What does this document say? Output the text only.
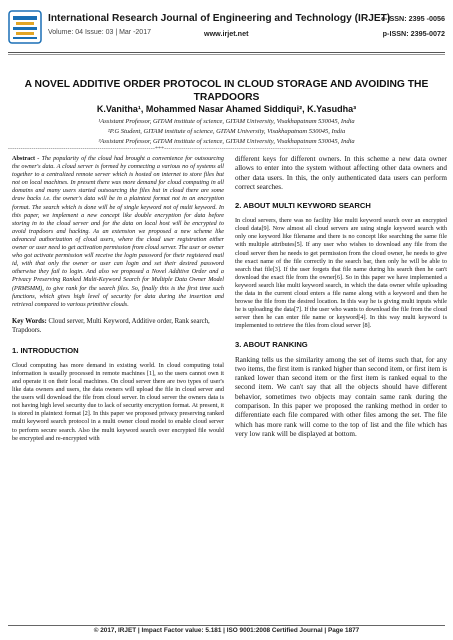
International Research Journal of Engineering and Technology (IRJET)
Volume: 04 Issue: 03 | Mar -2017	www.irjet.net
e-ISSN: 2395 -0056
p-ISSN: 2395-0072
A NOVEL ADDITIVE ORDER PROTOCOL IN CLOUD STORAGE AND AVOIDING THE TRAPDOORS
K.Vanitha¹, Mohammed Nasar Ahamed Siddiqui², K.Yasudha³
¹Assistant Professor, GITAM institute of science, GITAM University, Visakhapatnam 530045, India
²P.G Student, GITAM institute of science, GITAM University, Visakhapatnam 530045, India
³Assistant Professor, GITAM institute of science, GITAM University, Visakhapatnam 530045, India
---------------------------------------------------------------------***---------------------------------------------------------------------

Abstract - The popularity of the cloud had brought a convenience for outsourcing the owner's data. A cloud server is formed by connecting a various no of systems all together to a centralized remote server which is hosted on internet to store files but not on local machines. In present there was more demand for cloud computing in all domains and many users started outsourcing the files but in cloud there are some draw backs i.e. the owner's data will be in a plaintext format not in an encryption format. The search which is done will be of single keyword not of multi keyword. In this paper, we implement a new concept like double encryption for data before storing in to the cloud server and for the data on local host will be encrypted to avoid trapdoors and hacking. As an extension we proposed a new scheme like advanced authorization of cloud users, where the cloud user registration either owner or user need to get activation permission from cloud server. The user or owner who got activate permission will receive the login password for their registered mail id, with that only the owner or user can login and set their desired password otherwise they fail to login. And also we proposed a Novel Additive Order and a Privacy Preserving Ranked Multi-Keyword Search for Multiple Data Owner Model (PRMSMM), to give rank for the search files. So, finally this is the first time such functions, which gives high level of security for data during the insertion and retrieval compared to various primitive clouds.

Key Words: Cloud server, Multi Keyword, Additive order, Rank search, Trapdoors.

1. INTRODUCTION

Cloud computing has more demand in existing world. In cloud computing total information is usually processed in remote machines [1], so the users cannot own it and operate it on their local machines. On cloud server there are two types of user's like data owners and users, the data owners will upload the file in cloud server and the users will download the file from cloud server. In cloud server the owners data is not having high level security due to lack of security encryption format. At present, it is stored in plaintext format [2]. In this paper we proposed privacy preserving ranked multi keyword search protocol in a multi owner cloud model to enable cloud server to perform secure search. Also the multi keyword search over encrypted file would be encrypted and re-encrypted with

different keys for different owners. In this scheme a new data owner allows to enter into the system without affecting other data owners and other data users. In this, the only authenticated data users can perform correct searches.

2. ABOUT MULTI KEYWORD SEARCH

In cloud servers, there was no facility like multi keyword search over an encrypted cloud data[9]. Now almost all cloud servers are using single keyword search with only one keyword like filename and there is no concept like searching the same file with multiple attributes[5]. If any user who wishes to download any file from the cloud server then he needs to get permission from the cloud owner, he needs to give the exact name of the file correctly in the search bar, then only he will be able to search that file[3]. If the user forgets that file name during his search then he can't download the exact file from the owner[6]. So in this paper we have implemented a keyword search like multi keyword search, in which the data owner while uploading the data in the current cloud enters a file name along with a keyword and then he browse the file from the desired location. In this way he is giving multi inputs while he is uploading the data[7]. If the user who wants to download the file from the cloud server then he can enter file name or keyword[4]. In this way multi keyword is implemented to retrieve the files from cloud server [8].

3. ABOUT RANKING

Ranking tells us the similarity among the set of items such that, for any two items, the first item is ranked higher than second item, or first item is ranked lower than second item or the first item is ranked equal to the second item. We can't say that all the objects should have different behavior, sometimes two objects may contain same rank during the comparison. In this paper we proposed the ranking method in order to differentiate each file compared with other files among the set. The file which has more rank will come to the top of list and the file which has very low rank will be displayed at bottom.

© 2017, IRJET | Impact Factor value: 5.181 | ISO 9001:2008 Certified Journal | Page 1877
